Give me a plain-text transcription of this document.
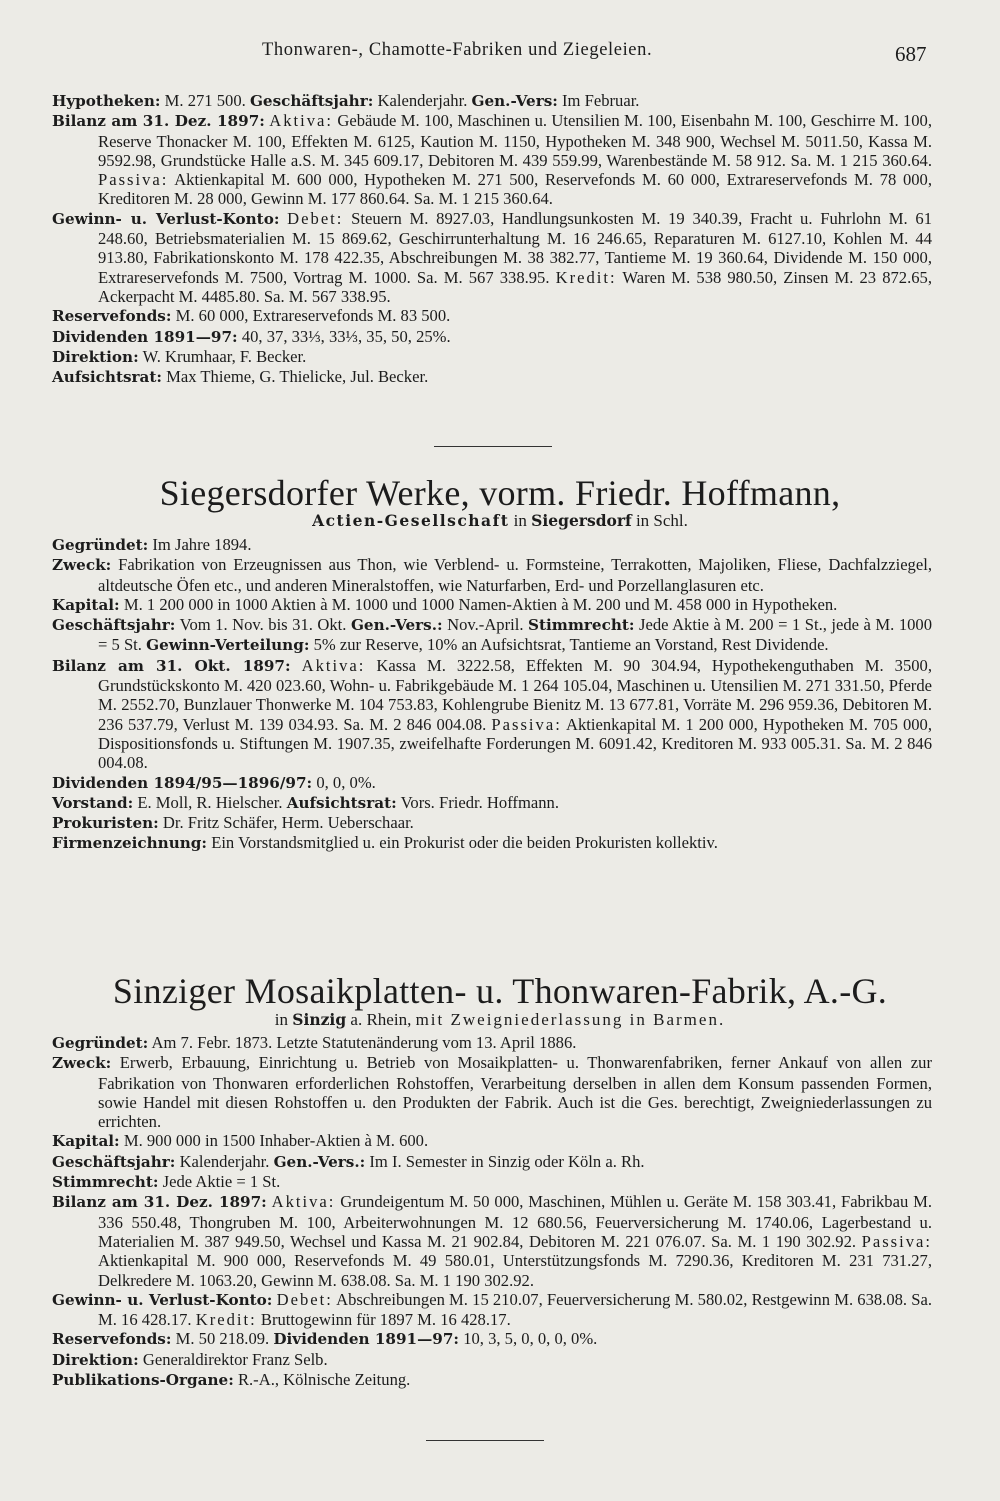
Thonwaren-, Chamotte-Fabriken und Ziegeleien.	687
Hypotheken: M. 271 500. Geschäftsjahr: Kalenderjahr. Gen.-Vers: Im Februar.
Bilanz am 31. Dez. 1897: Aktiva: Gebäude M. 100, Maschinen u. Utensilien M. 100, Eisenbahn M. 100, Geschirre M. 100, Reserve Thonacker M. 100, Effekten M. 6125, Kaution M. 1150, Hypotheken M. 348 900, Wechsel M. 5011.50, Kassa M. 9592.98, Grundstücke Halle a.S. M. 345 609.17, Debitoren M. 439 559.99, Warenbestände M. 58 912. Sa. M. 1 215 360.64. Passiva: Aktienkapital M. 600 000, Hypotheken M. 271 500, Reservefonds M. 60 000, Extrareservefonds M. 78 000, Kreditoren M. 28 000, Gewinn M. 177 860.64. Sa. M. 1 215 360.64.
Gewinn- u. Verlust-Konto: Debet: Steuern M. 8927.03, Handlungsunkosten M. 19 340.39, Fracht u. Fuhrlohn M. 61 248.60, Betriebsmaterialien M. 15 869.62, Geschirrunterhaltung M. 16 246.65, Reparaturen M. 6127.10, Kohlen M. 44 913.80, Fabrikationskonto M. 178 422.35, Abschreibungen M. 38 382.77, Tantieme M. 19 360.64, Dividende M. 150 000, Extrareservefonds M. 7500, Vortrag M. 1000. Sa. M. 567 338.95. Kredit: Waren M. 538 980.50, Zinsen M. 23 872.65, Ackerpacht M. 4485.80. Sa. M. 567 338.95.
Reservefonds: M. 60 000, Extrareservefonds M. 83 500.
Dividenden 1891—97: 40, 37, 33⅓, 33⅓, 35, 50, 25%.
Direktion: W. Krumhaar, F. Becker.
Aufsichtsrat: Max Thieme, G. Thielicke, Jul. Becker.
Siegersdorfer Werke, vorm. Friedr. Hoffmann,
Actien-Gesellschaft in Siegersdorf in Schl.
Gegründet: Im Jahre 1894.
Zweck: Fabrikation von Erzeugnissen aus Thon, wie Verblend- u. Formsteine, Terrakotten, Majoliken, Fliese, Dachfalzziegel, altdeutsche Öfen etc., und anderen Mineralstoffen, wie Naturfarben, Erd- und Porzellanglasuren etc.
Kapital: M. 1 200 000 in 1000 Aktien à M. 1000 und 1000 Namen-Aktien à M. 200 und M. 458 000 in Hypotheken.
Geschäftsjahr: Vom 1. Nov. bis 31. Okt. Gen.-Vers.: Nov.-April. Stimmrecht: Jede Aktie à M. 200 = 1 St., jede à M. 1000 = 5 St. Gewinn-Verteilung: 5% zur Reserve, 10% an Aufsichtsrat, Tantieme an Vorstand, Rest Dividende.
Bilanz am 31. Okt. 1897: Aktiva: Kassa M. 3222.58, Effekten M. 90 304.94, Hypothekenguthaben M. 3500, Grundstückskonto M. 420 023.60, Wohn- u. Fabrikgebäude M. 1 264 105.04, Maschinen u. Utensilien M. 271 331.50, Pferde M. 2552.70, Bunzlauer Thonwerke M. 104 753.83, Kohlengrube Bienitz M. 13 677.81, Vorräte M. 296 959.36, Debitoren M. 236 537.79, Verlust M. 139 034.93. Sa. M. 2 846 004.08. Passiva: Aktienkapital M. 1 200 000, Hypotheken M. 705 000, Dispositionsfonds u. Stiftungen M. 1907.35, zweifelhafte Forderungen M. 6091.42, Kreditoren M. 933 005.31. Sa. M. 2 846 004.08.
Dividenden 1894/95—1896/97: 0, 0, 0%.
Vorstand: E. Moll, R. Hielscher. Aufsichtsrat: Vors. Friedr. Hoffmann.
Prokuristen: Dr. Fritz Schäfer, Herm. Ueberschaar.
Firmenzeichnung: Ein Vorstandsmitglied u. ein Prokurist oder die beiden Prokuristen kollektiv.
Sinziger Mosaikplatten- u. Thonwaren-Fabrik, A.-G.
in Sinzig a. Rhein, mit Zweigniederlassung in Barmen.
Gegründet: Am 7. Febr. 1873. Letzte Statutenänderung vom 13. April 1886.
Zweck: Erwerb, Erbauung, Einrichtung u. Betrieb von Mosaikplatten- u. Thonwarenfabriken, ferner Ankauf von allen zur Fabrikation von Thonwaren erforderlichen Rohstoffen, Verarbeitung derselben in allen dem Konsum passenden Formen, sowie Handel mit diesen Rohstoffen u. den Produkten der Fabrik. Auch ist die Ges. berechtigt, Zweigniederlassungen zu errichten.
Kapital: M. 900 000 in 1500 Inhaber-Aktien à M. 600.
Geschäftsjahr: Kalenderjahr. Gen.-Vers.: Im I. Semester in Sinzig oder Köln a. Rh.
Stimmrecht: Jede Aktie = 1 St.
Bilanz am 31. Dez. 1897: Aktiva: Grundeigentum M. 50 000, Maschinen, Mühlen u. Geräte M. 158 303.41, Fabrikbau M. 336 550.48, Thongruben M. 100, Arbeiterwohnungen M. 12 680.56, Feuerversicherung M. 1740.06, Lagerbestand u. Materialien M. 387 949.50, Wechsel und Kassa M. 21 902.84, Debitoren M. 221 076.07. Sa. M. 1 190 302.92. Passiva: Aktienkapital M. 900 000, Reservefonds M. 49 580.01, Unterstützungsfonds M. 7290.36, Kreditoren M. 231 731.27, Delkredere M. 1063.20, Gewinn M. 638.08. Sa. M. 1 190 302.92.
Gewinn- u. Verlust-Konto: Debet: Abschreibungen M. 15 210.07, Feuerversicherung M. 580.02, Restgewinn M. 638.08. Sa. M. 16 428.17. Kredit: Bruttogewinn für 1897 M. 16 428.17.
Reservefonds: M. 50 218.09. Dividenden 1891—97: 10, 3, 5, 0, 0, 0, 0%.
Direktion: Generaldirektor Franz Selb.
Publikations-Organe: R.-A., Kölnische Zeitung.
